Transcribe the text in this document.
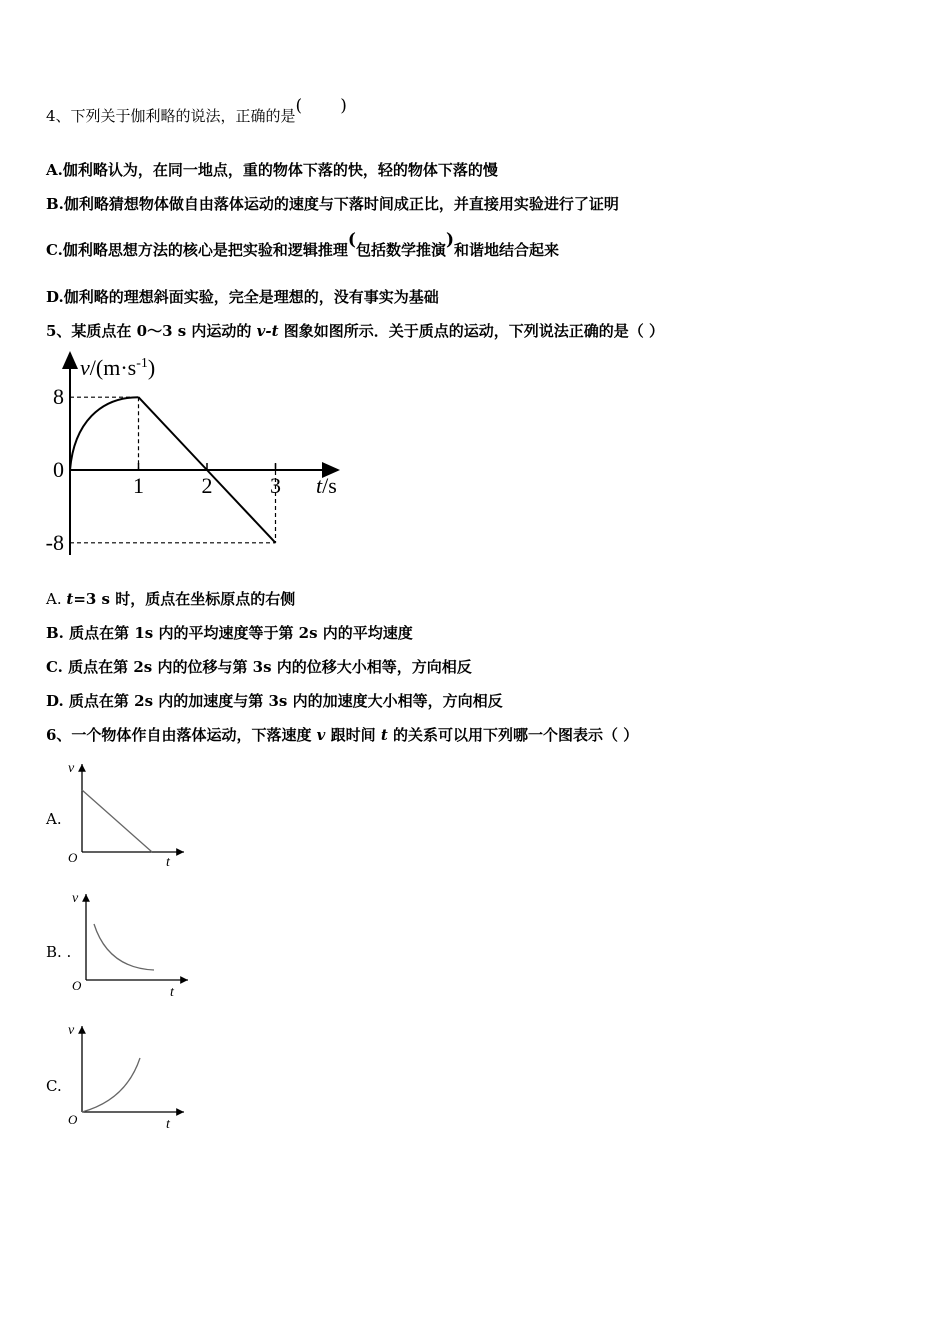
4、下列关于伽利略的说法，正确的是( )
A.伽利略认为，在同一地点，重的物体下落的快，轻的物体下落的慢
B.伽利略猜想物体做自由落体运动的速度与下落时间成正比，并直接用实验进行了证明
C.伽利略思想方法的核心是把实验和逻辑推理(包括数学推演)和谐地结合起来
D.伽利略的理想斜面实验，完全是理想的，没有事实为基础
5、某质点在 0～3 s 内运动的 v-t 图象如图所示．关于质点的运动，下列说法正确的是（ ）
$v/(m\cdot s^{-1})$
t/s
8
0
-8
1	2	3
A. t=3 s 时，质点在坐标原点的右侧
B. 质点在第 1s 内的平均速度等于第 2s 内的平均速度
C. 质点在第 2s 内的位移与第 3s 内的位移大小相等，方向相反
D. 质点在第 2s 内的加速度与第 3s 内的加速度大小相等，方向相反
6、一个物体作自由落体运动，下落速度 v 跟时间 t 的关系可以用下列哪一个图表示（ ）
A.
v
t
O
B. .
v
t
O
C.
v
t
O
